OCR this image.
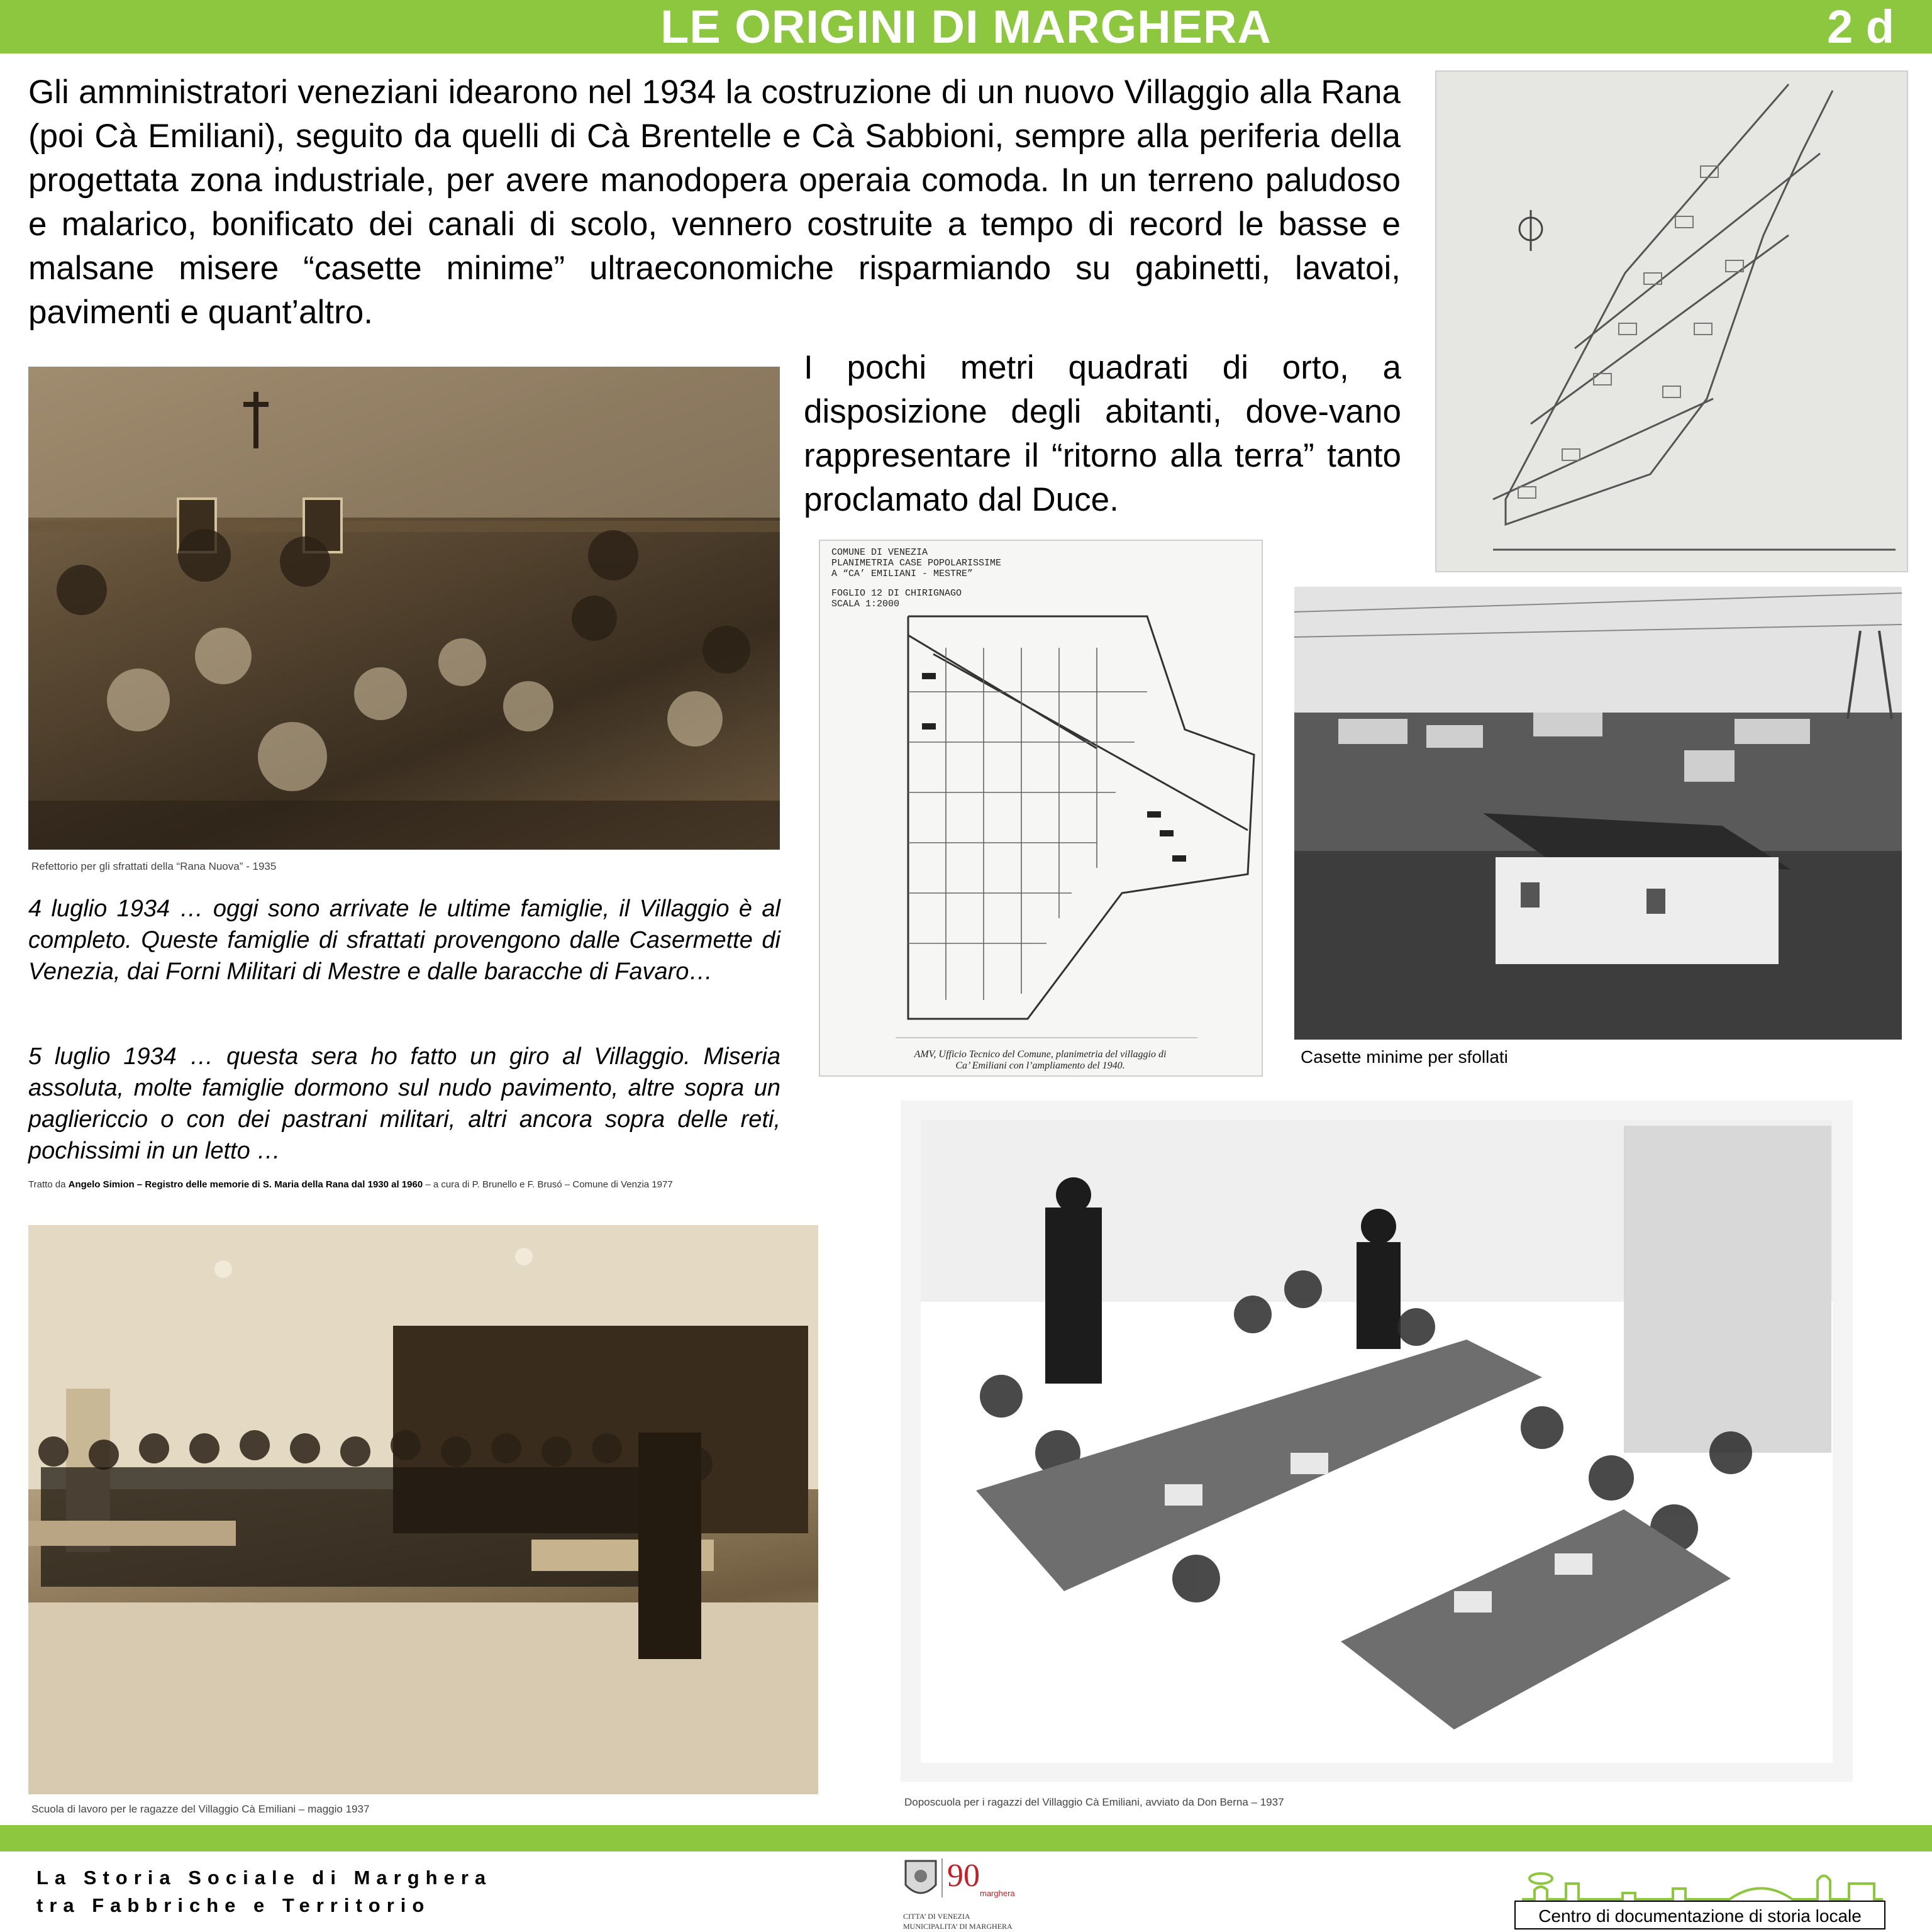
LE ORIGINI DI MARGHERA	2 d

Gli amministratori veneziani idearono nel 1934 la costruzione di un nuovo Villaggio alla Rana (poi Cà Emiliani), seguito da quelli di Cà Brentelle e Cà Sabbioni, sempre alla periferia della progettata zona industriale, per avere manodopera operaia comoda. In un terreno paludoso e malarico, bonificato dei canali di scolo, vennero costruite a tempo di record le basse e malsane misere “casette minime” ultraeconomiche risparmiando su gabinetti, lavatoi, pavimenti e quant’altro.

I pochi metri quadrati di orto, a disposizione degli abitanti, dove-vano rappresentare il “ritorno alla terra” tanto proclamato dal Duce.

Refettorio per gli sfrattati della “Rana Nuova” - 1935

4 luglio 1934 … oggi sono arrivate le ultime famiglie, il Villaggio è al completo. Queste famiglie di sfrattati provengono dalle Casermette di Venezia, dai Forni Militari di Mestre e dalle baracche di Favaro…

5 luglio 1934 … questa sera ho fatto un giro al Villaggio. Miseria assoluta, molte famiglie dormono sul nudo pavimento, altre sopra un pagliericcio o con dei pastrani militari, altri ancora sopra delle reti, pochissimi in un letto …

Tratto da Angelo Simion – Registro delle memorie di S. Maria della Rana dal 1930 al 1960 – a cura di P. Brunello e F. Brusó – Comune di Venzia 1977
COMUNE DI VENEZIA
PLANIMETRIA CASE POPOLARISSIME
A “CA’ EMILIANI - MESTRE”
FOGLIO 12 DI CHIRIGNAGO
SCALA 1:2000
AMV, Ufficio Tecnico del Comune, planimetria del villaggio di
Ca’ Emiliani con l’ampliamento del 1940.	Casette minime per sfollati
Scuola di lavoro per le ragazze del Villaggio Cà Emiliani – maggio 1937
Doposcuola per i ragazzi del Villaggio Cà Emiliani, avviato da Don Berna – 1937
La Storia Sociale di Marghera
tra Fabbriche e Territorio
90 marghera
CITTA’ DI VENEZIA
MUNICIPALITA’ DI MARGHERA
Centro di documentazione di storia locale
